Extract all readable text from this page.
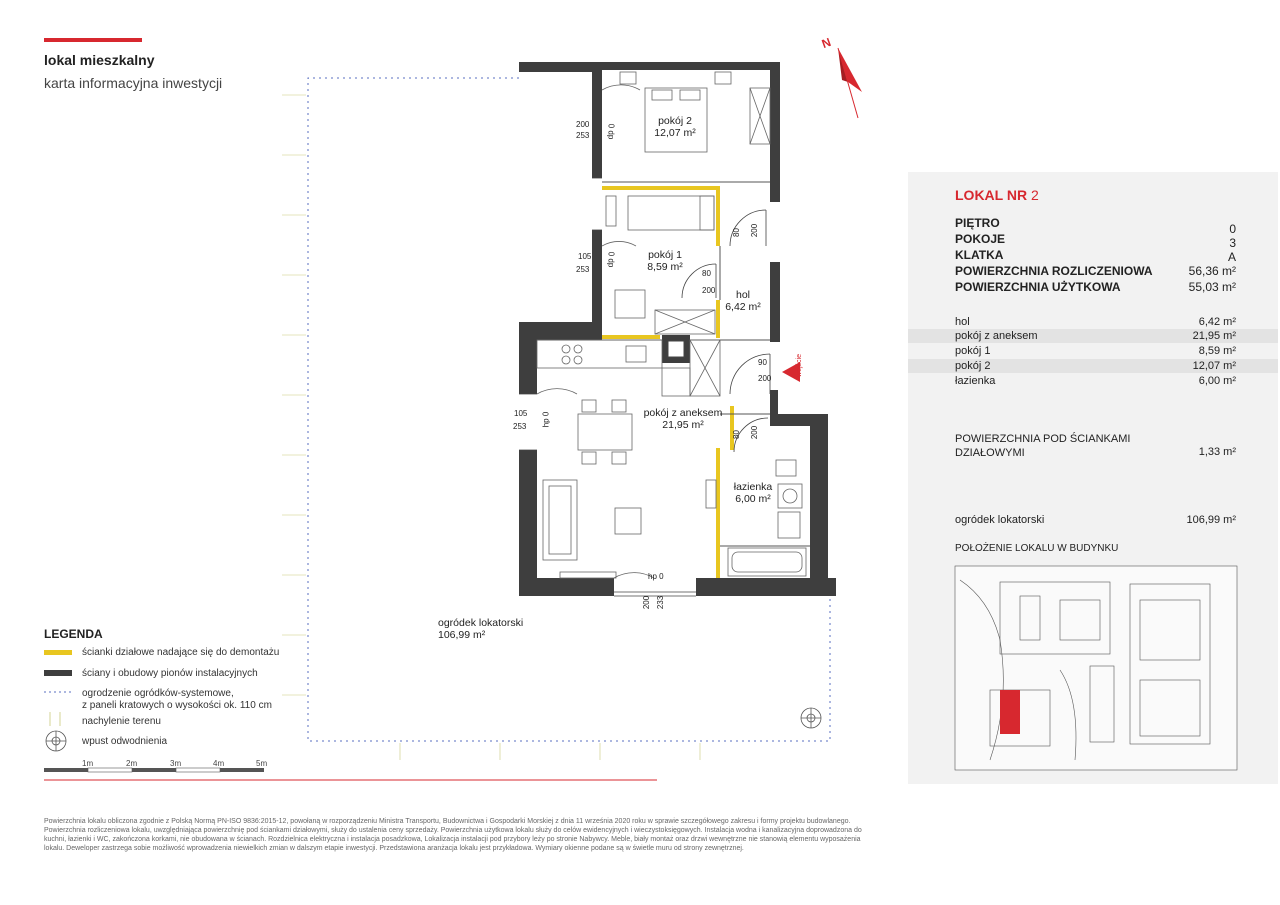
lokal mieszkalny
karta informacyjna inwestycji
pokój 2
12,07 m²
pokój 1
8,59 m²
hol
6,42 m²
pokój z aneksem
21,95 m²
łazienka
6,00 m²
ogródek lokatorski
106,99 m²
200
253 0 dp
105
253
0 dp
105
253 hp 0
80 200
80
200
90
200
80 200
hp 0
200 233
wejście
N
LOKAL NR 2
PIĘTRO	0
POKOJE	3
KLATKA	A
POWIERZCHNIA ROZLICZENIOWA	56,36 m²
POWIERZCHNIA UŻYTKOWA	55,03 m²
hol	6,42 m²
pokój z aneksem	21,95 m²
pokój 1	8,59 m²
pokój 2	12,07 m²
łazienka	6,00 m²
POWIERZCHNIA POD ŚCIANKAMI
DZIAŁOWYMI	1,33 m²
ogródek lokatorski	106,99 m²
POŁOŻENIE LOKALU W BUDYNKU
LEGENDA
ścianki działowe nadające się do demontażu
ściany i obudowy pionów instalacyjnych
ogrodzenie ogródków-systemowe,
z paneli kratowych o wysokości ok. 110 cm
nachylenie terenu
wpust odwodnienia
1m	2m	3m	4m	5m
Powierzchnia lokalu obliczona zgodnie z Polską Normą PN-ISO 9836:2015-12, powołaną w rozporządzeniu Ministra Transportu, Budownictwa i Gospodarki Morskiej z dnia 11 września 2020 roku w sprawie szczegółowego zakresu i formy projektu budowlanego. Powierzchnia rozliczeniowa lokalu, uwzględniająca powierzchnię pod ściankami działowymi, służy do ustalenia ceny sprzedaży. Powierzchnia użytkowa lokalu służy do celów ewidencyjnych i wieczystoksięgowych. Instalacja wodna i kanalizacyjna doprowadzona do kuchni, łazienki i WC, zakończona korkami, nie obudowana w ścianach. Rozdzielnica elektryczna i instalacja posadzkowa, Lokalizacja instalacji pod przybory leży po stronie Nabywcy. Meble, biały montaż oraz drzwi wewnętrzne nie stanowią elementu wyposażenia lokalu. Deweloper zastrzega sobie możliwość wprowadzenia niewielkich zmian w dalszym etapie inwestycji. Przedstawiona aranżacja lokalu jest przykładowa. Wymiary okienne podane są w świetle muru od strony zewnętrznej.
